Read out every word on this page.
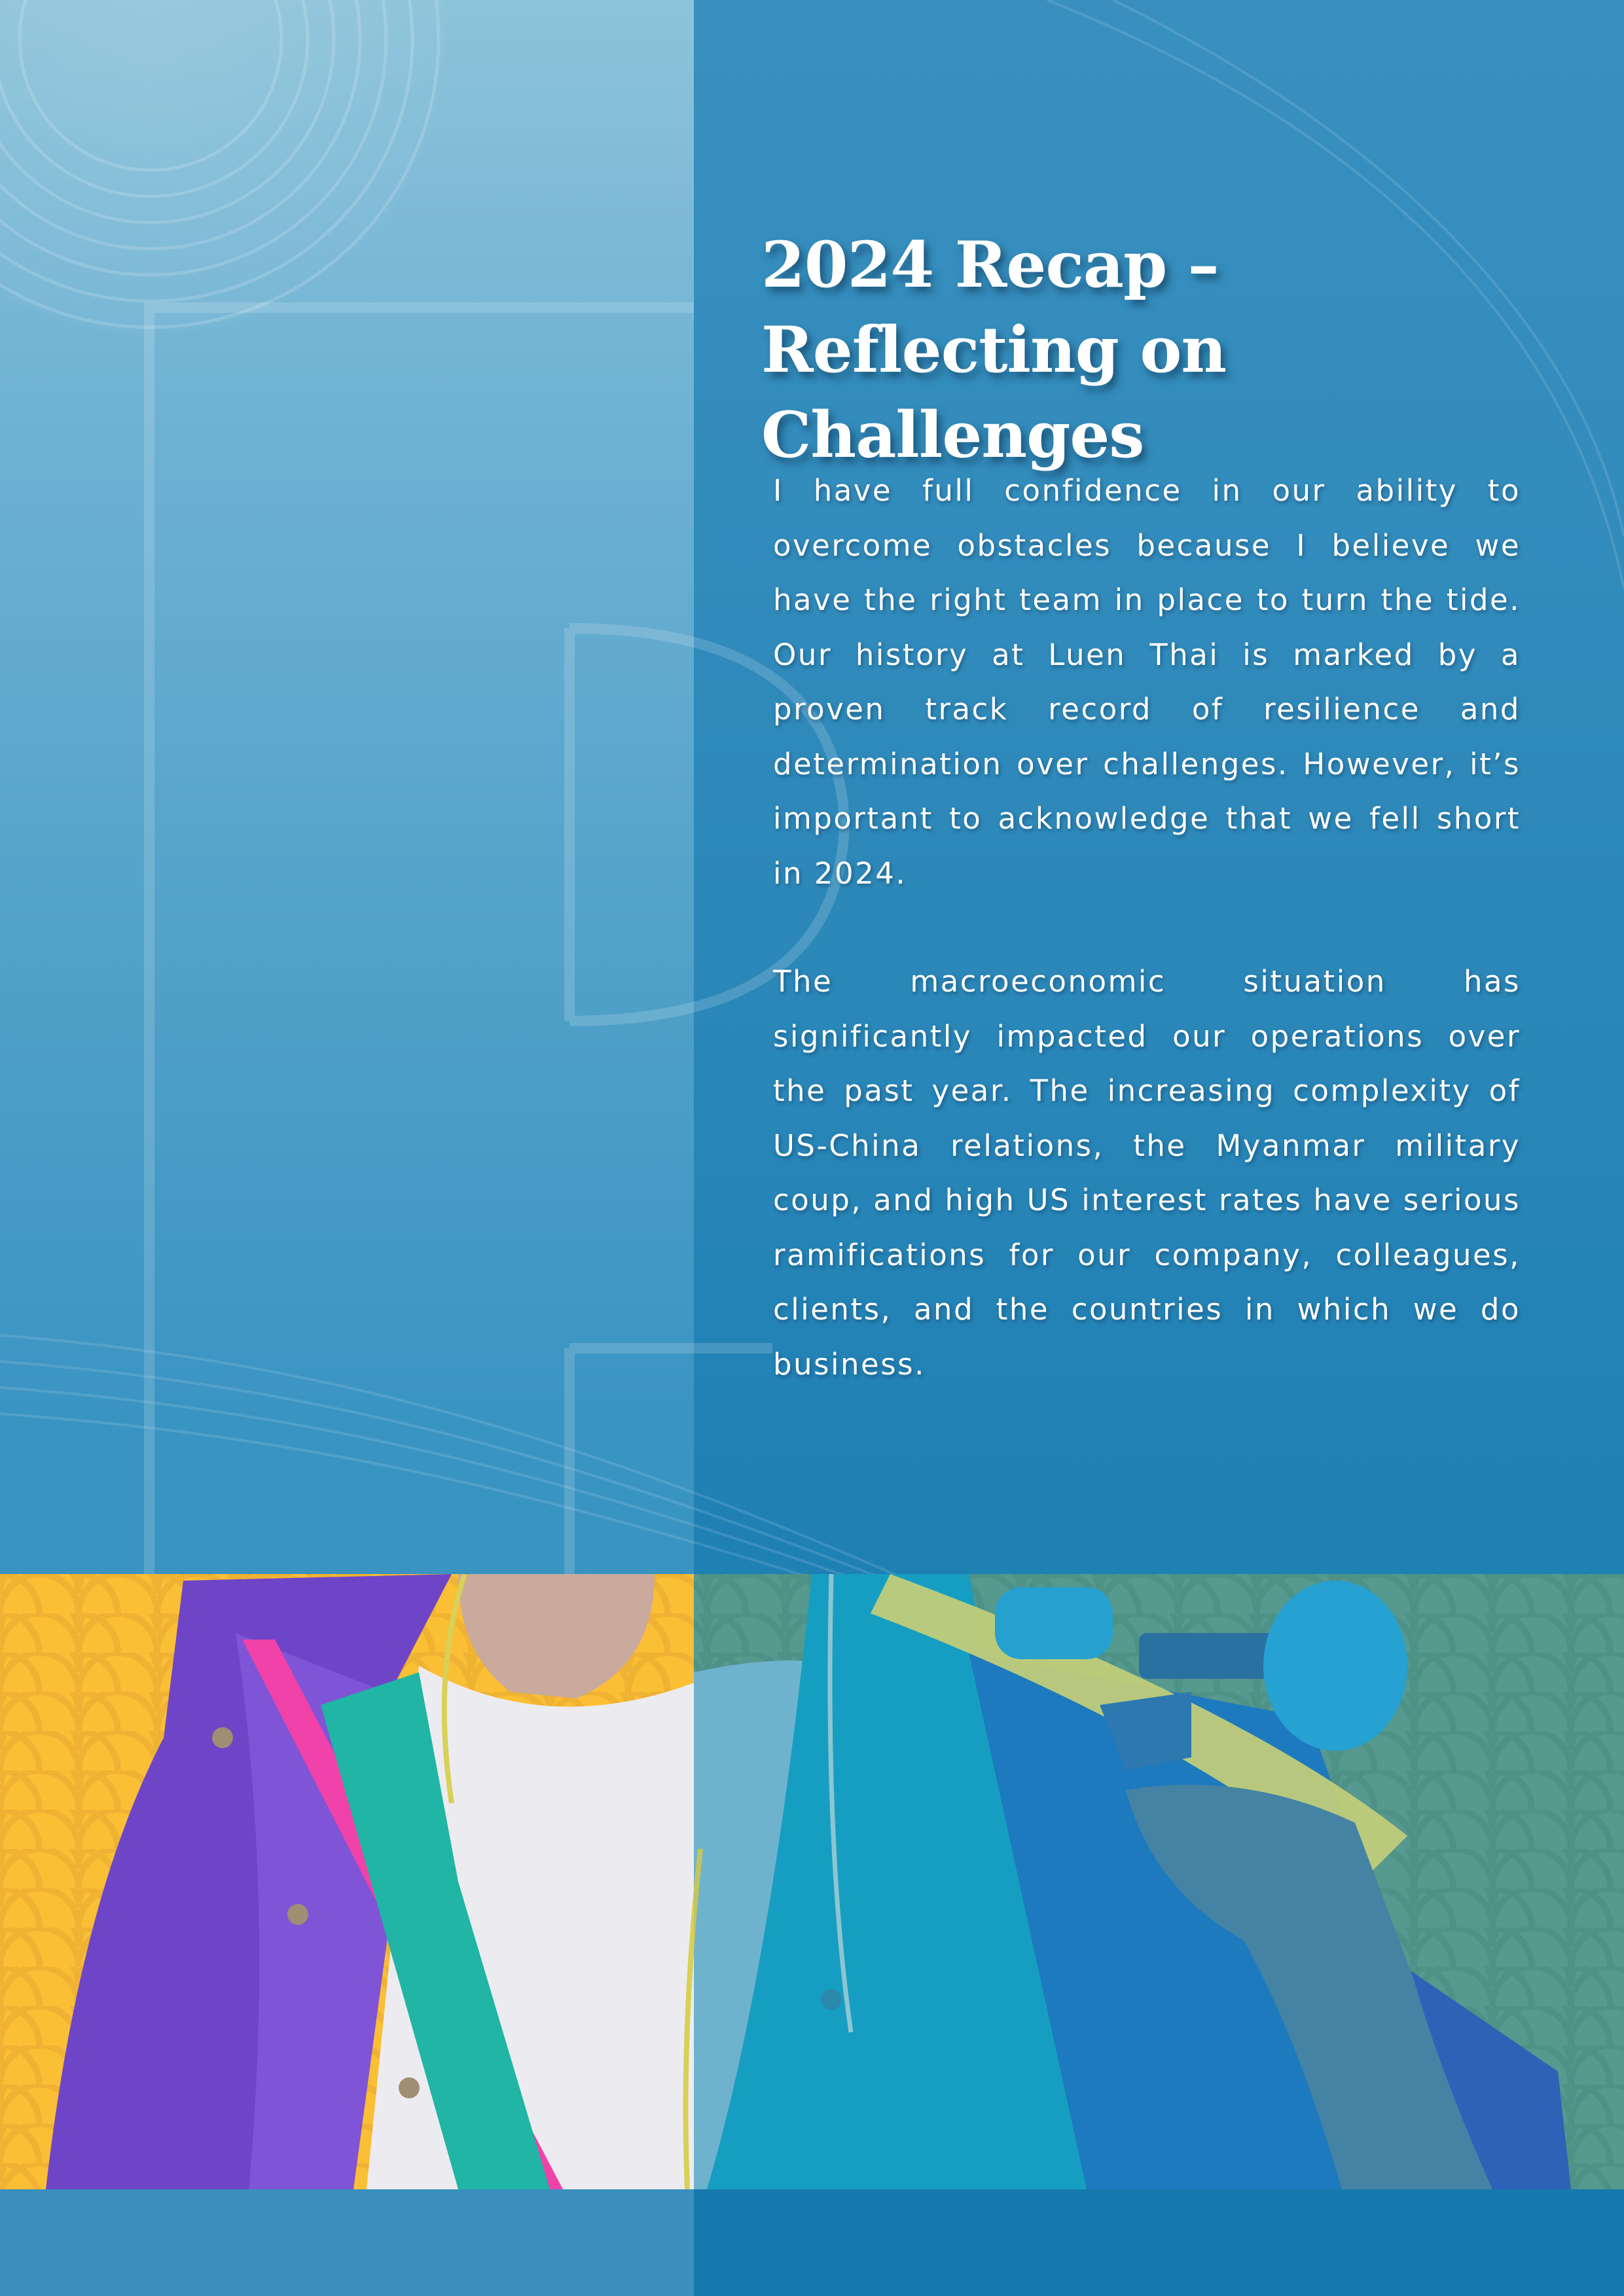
2024 Recap – Reflecting on Challenges

I have full confidence in our ability to overcome obstacles because I believe we have the right team in place to turn the tide. Our history at Luen Thai is marked by a proven track record of resilience and determination over challenges. However, it’s important to acknowledge that we fell short in 2024.

The macroeconomic situation has significantly impacted our operations over the past year. The increasing complexity of US-China relations, the Myanmar military coup, and high US interest rates have serious ramifications for our company, colleagues, clients, and the countries in which we do business.
